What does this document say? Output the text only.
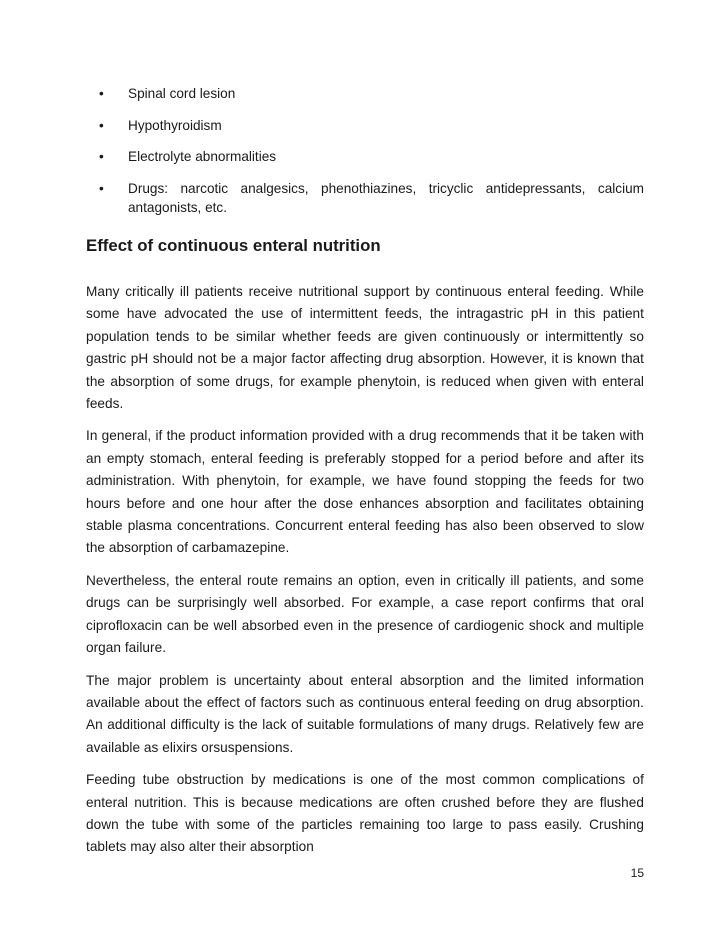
• Spinal cord lesion
• Hypothyroidism
• Electrolyte abnormalities
• Drugs: narcotic analgesics, phenothiazines, tricyclic antidepressants, calcium antagonists, etc.
Effect of continuous enteral nutrition

Many critically ill patients receive nutritional support by continuous enteral feeding. While some have advocated the use of intermittent feeds, the intragastric pH in this patient population tends to be similar whether feeds are given continuously or intermittently so gastric pH should not be a major factor affecting drug absorption. However, it is known that the absorption of some drugs, for example phenytoin, is reduced when given with enteral feeds.

In general, if the product information provided with a drug recommends that it be taken with an empty stomach, enteral feeding is preferably stopped for a period before and after its administration. With phenytoin, for example, we have found stopping the feeds for two hours before and one hour after the dose enhances absorption and facilitates obtaining stable plasma concentrations. Concurrent enteral feeding has also been observed to slow the absorption of carbamazepine.

Nevertheless, the enteral route remains an option, even in critically ill patients, and some drugs can be surprisingly well absorbed. For example, a case report confirms that oral ciprofloxacin can be well absorbed even in the presence of cardiogenic shock and multiple organ failure.

The major problem is uncertainty about enteral absorption and the limited information available about the effect of factors such as continuous enteral feeding on drug absorption. An additional difficulty is the lack of suitable formulations of many drugs. Relatively few are available as elixirs orsuspensions.

Feeding tube obstruction by medications is one of the most common complications of enteral nutrition. This is because medications are often crushed before they are flushed down the tube with some of the particles remaining too large to pass easily. Crushing tablets may also alter their absorption

15
